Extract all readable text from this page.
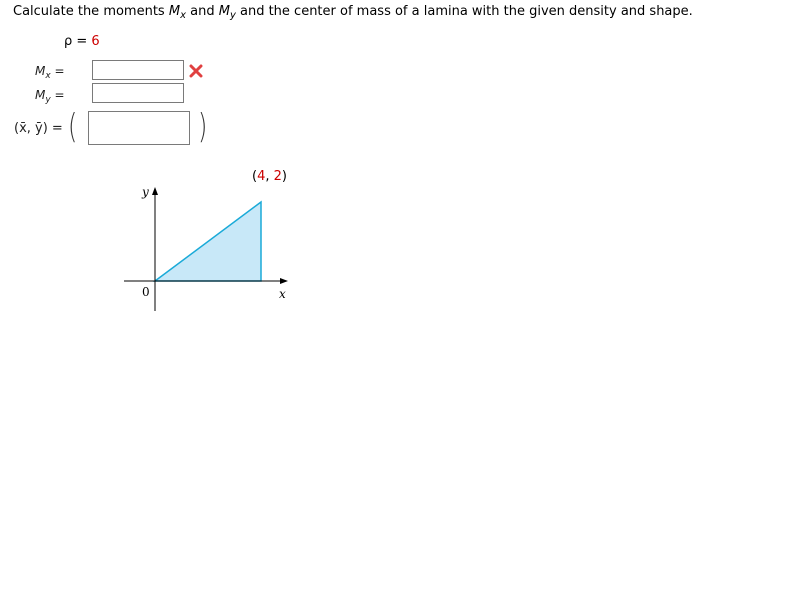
Calculate the moments $M_x$ and $M_y$ and the center of mass of a lamina with the given density and shape.
ρ = 6
$M_x$ =
$M_y$ =
(x̄, ȳ) = (	)
(4, 2)
y
x
0
